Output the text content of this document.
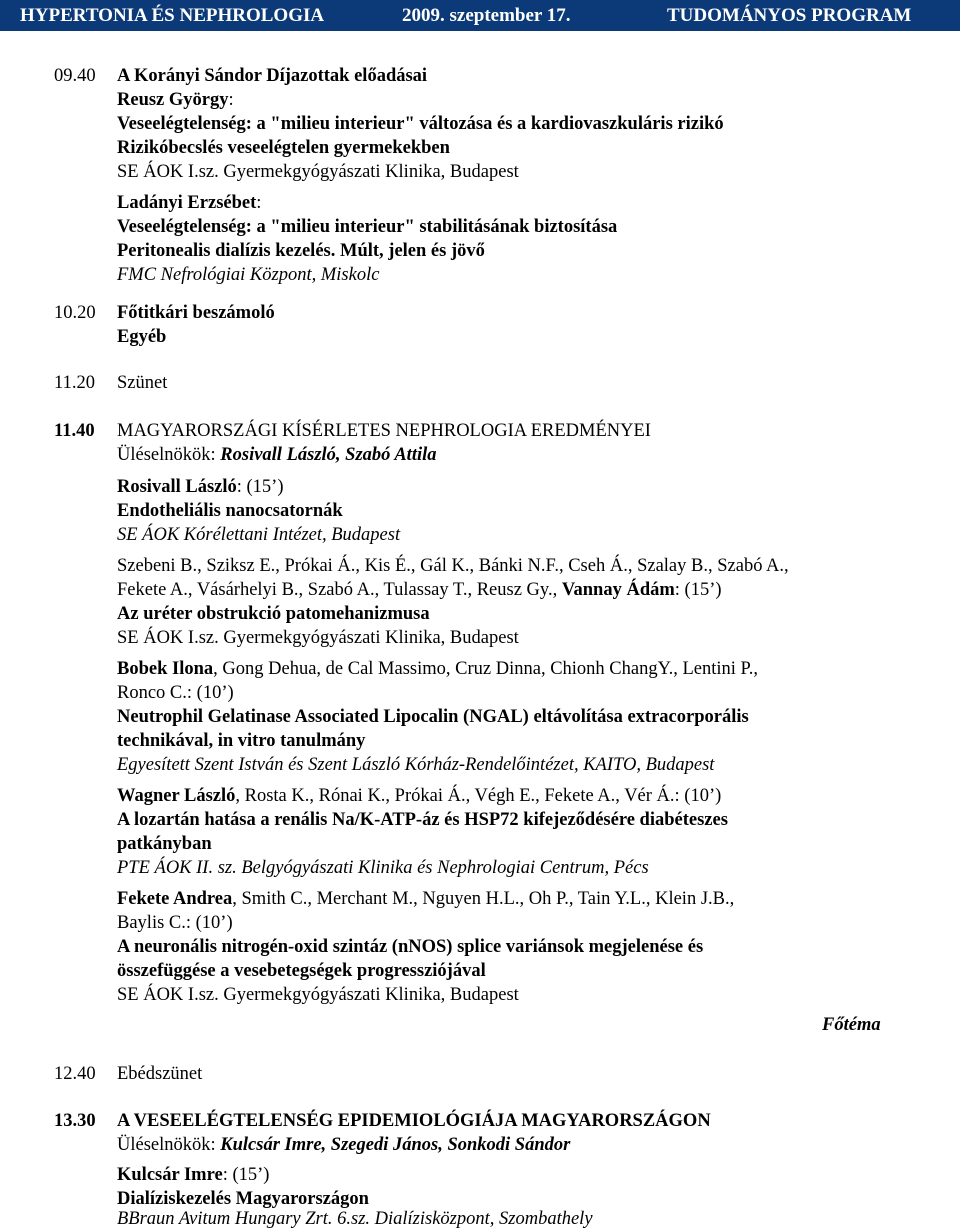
HYPERTONIA ÉS NEPHROLOGIA	2009. szeptember 17.	TUDOMÁNYOS PROGRAM
09.40 A Korányi Sándor Díjazottak előadásai
Reusz György:
Veseelégtelenség: a "milieu interieur" változása és a kardiovaszkuláris rizikó
Rizikóbecslés veseelégtelen gyermekekben
SE ÁOK I.sz. Gyermekgyógyászati Klinika, Budapest
Ladányi Erzsébet:
Veseelégtelenség: a "milieu interieur" stabilitásának biztosítása
Peritonealis dialízis kezelés. Múlt, jelen és jövő
FMC Nefrológiai Központ, Miskolc
10.20 Főtitkári beszámoló
Egyéb
11.20 Szünet
11.40 MAGYARORSZÁGI KÍSÉRLETES NEPHROLOGIA EREDMÉNYEI
Üléselnökök: Rosivall László, Szabó Attila
Rosivall László: (15’)
Endotheliális nanocsatornák
SE ÁOK Kórélettani Intézet, Budapest
Szebeni B., Sziksz E., Prókai Á., Kis É., Gál K., Bánki N.F., Cseh Á., Szalay B., Szabó A.,
Fekete A., Vásárhelyi B., Szabó A., Tulassay T., Reusz Gy., Vannay Ádám: (15’)
Az uréter obstrukció patomehanizmusa
SE ÁOK I.sz. Gyermekgyógyászati Klinika, Budapest
Bobek Ilona, Gong Dehua, de Cal Massimo, Cruz Dinna, Chionh ChangY., Lentini P.,
Ronco C.: (10’)
Neutrophil Gelatinase Associated Lipocalin (NGAL) eltávolítása extracorporális
technikával, in vitro tanulmány
Egyesített Szent István és Szent László Kórház-Rendelőintézet, KAITO, Budapest
Wagner László, Rosta K., Rónai K., Prókai Á., Végh E., Fekete A., Vér Á.: (10’)
A lozartán hatása a renális Na/K-ATP-áz és HSP72 kifejeződésére diabéteszes
patkányban
PTE ÁOK II. sz. Belgyógyászati Klinika és Nephrologiai Centrum, Pécs
Fekete Andrea, Smith C., Merchant M., Nguyen H.L., Oh P., Tain Y.L., Klein J.B.,
Baylis C.: (10’)
A neuronális nitrogén-oxid szintáz (nNOS) splice variánsok megjelenése és
összefüggése a vesebetegségek progressziójával
SE ÁOK I.sz. Gyermekgyógyászati Klinika, Budapest
Főtéma
12.40 Ebédszünet
13.30 A VESEELÉGTELENSÉG EPIDEMIOLÓGIÁJA MAGYARORSZÁGON
Üléselnökök: Kulcsár Imre, Szegedi János, Sonkodi Sándor
Kulcsár Imre: (15’)
Dialíziskezelés Magyarországon
BBraun Avitum Hungary Zrt. 6.sz. Dialízisközpont, Szombathely
